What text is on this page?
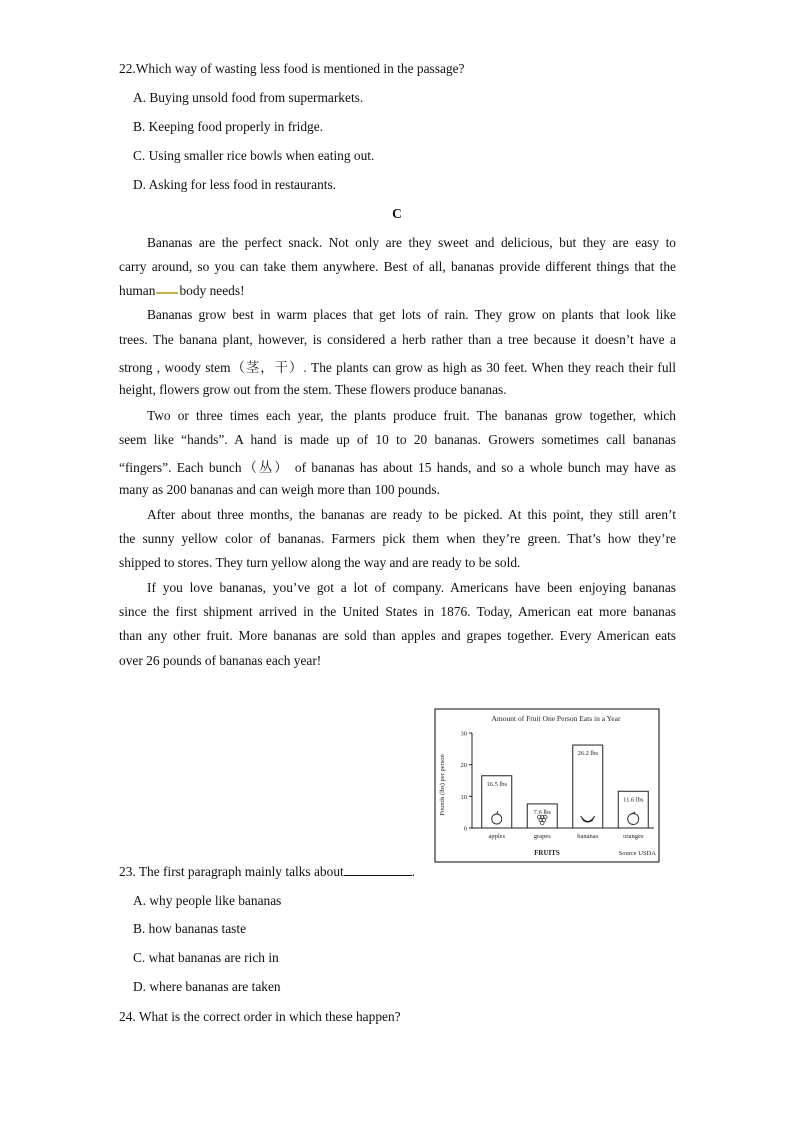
22.Which way of wasting less food is mentioned in the passage?
A. Buying unsold food from supermarkets.
B. Keeping food properly in fridge.
C. Using smaller rice bowls when eating out.
D. Asking for less food in restaurants.
C
Bananas are the perfect snack. Not only are they sweet and delicious, but they are easy to
carry around, so you can take them anywhere. Best of all, bananas provide different things that the
human body needs!
Bananas grow best in warm places that get lots of rain. They grow on plants that look like
trees. The banana plant, however, is considered a herb rather than a tree because it doesn’t have a
strong , woody stem（茎，干）. The plants can grow as high as 30 feet. When they reach their full
height, flowers grow out from the stem. These flowers produce bananas.
Two or three times each year, the plants produce fruit. The bananas grow together, which
seem like “hands”. A hand is made up of 10 to 20 bananas. Growers sometimes call bananas
“fingers”. Each bunch（丛） of bananas has about 15 hands, and so a whole bunch may have as
many as 200 bananas and can weigh more than 100 pounds.
After about three months, the bananas are ready to be picked. At this point, they still aren’t
the sunny yellow color of bananas. Farmers pick them when they’re green. That’s how they’re
shipped to stores. They turn yellow along the way and are ready to be sold.
If you love bananas, you’ve got a lot of company. Americans have been enjoying bananas
since the first shipment arrived in the United States in 1876. Today, American eat more bananas
than any other fruit. More bananas are sold than apples and grapes together. Every American eats
over 26 pounds of bananas each year!
Amount of Fruit One Person Eats in a Year
Pounds (lbs) per person
0
10
20
30
16.5 lbs
apples
7.6 lbs
grapes
26.2 lbs
bananas
11.6 lbs
oranges
FRUITS	Source USDA
23. The first paragraph mainly talks about	.
A. why people like bananas
B. how bananas taste
C. what bananas are rich in
D. where bananas are taken
24. What is the correct order in which these happen?
